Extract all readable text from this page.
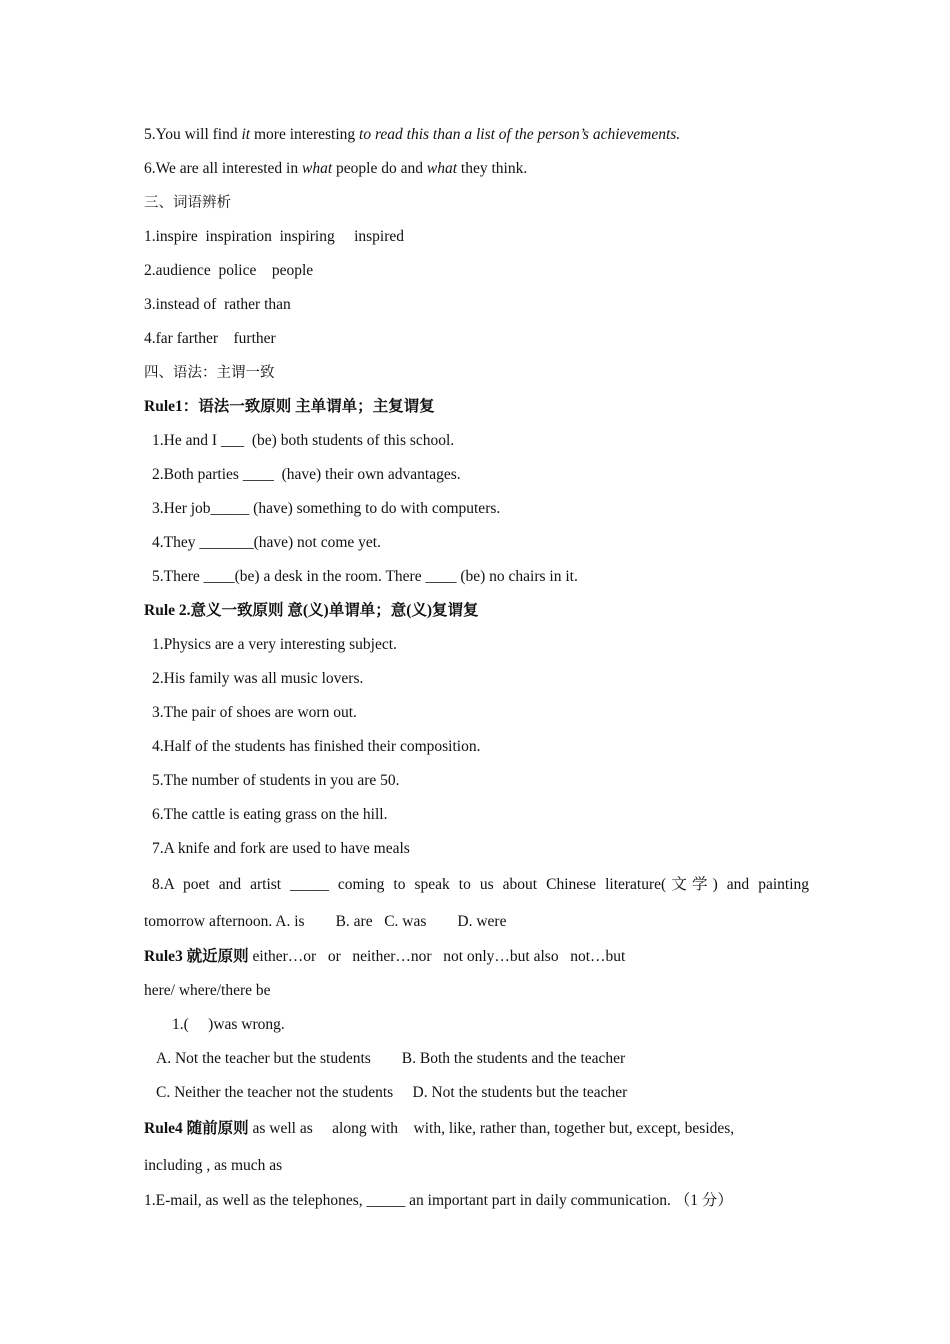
5.You will find it more interesting to read this than a list of the person’s achievements.
6.We are all interested in what people do and what they think.
三、词语辨析
1.inspire  inspiration  inspiring     inspired
2.audience  police    people
3.instead of  rather than
4.far farther    further
四、语法：主谓一致
Rule1：语法一致原则 主单谓单；主复谓复
1.He and I ___  (be) both students of this school.
2.Both parties ____  (have) their own advantages.
3.Her job_____ (have) something to do with computers.
4.They _______(have) not come yet.
5.There ____(be) a desk in the room. There ____ (be) no chairs in it.
Rule 2.意义一致原则 意(义)单谓单；意(义)复谓复
1.Physics are a very interesting subject.
2.His family was all music lovers.
3.The pair of shoes are worn out.
4.Half of the students has finished their composition.
5.The number of students in you are 50.
6.The cattle is eating grass on the hill.
7.A knife and fork are used to have meals
8.A poet and artist _____ coming to speak to us about Chinese literature(文学) and painting
tomorrow afternoon. A. is        B. are   C. was        D. were
Rule3 就近原则 either…or   or   neither…nor   not only…but also   not…but
here/ where/there be
1.(     )was wrong.
A. Not the teacher but the students        B. Both the students and the teacher
C. Neither the teacher not the students     D. Not the students but the teacher
Rule4 随前原则 as well as     along with    with, like, rather than, together but, except, besides,
including , as much as
1.E-mail, as well as the telephones, _____ an important part in daily communication. （1 分）
